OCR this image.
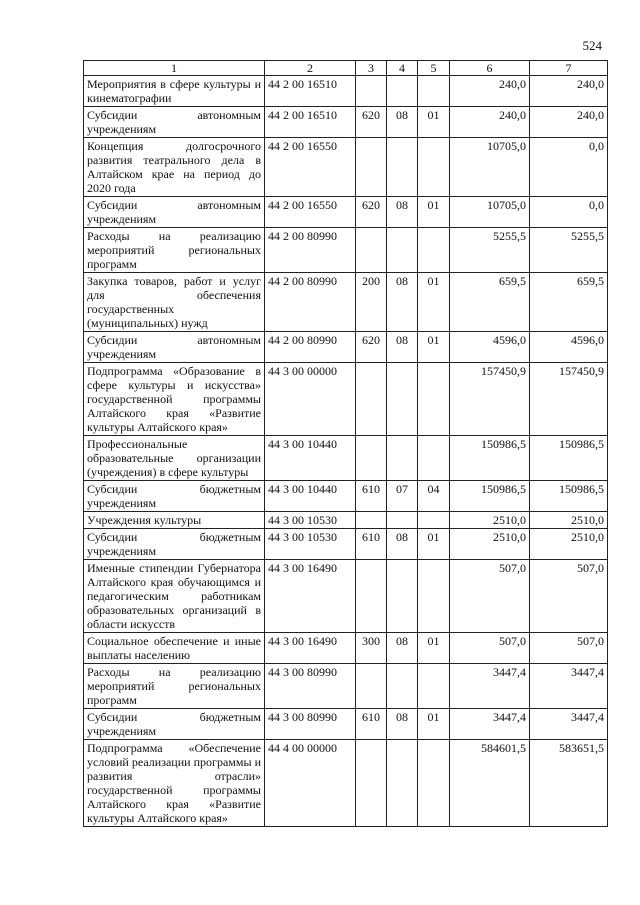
524
1	2	3	4	5	6	7
Мероприятия в сфере культуры и кинематографии	44 2 00 16510				240,0	240,0
Субсидии автономным учреждениям	44 2 00 16510	620	08	01	240,0	240,0
Концепция долгосрочного развития театрального дела в Алтайском крае на период до 2020 года	44 2 00 16550				10705,0	0,0
Субсидии автономным учреждениям	44 2 00 16550	620	08	01	10705,0	0,0
Расходы на реализацию мероприятий региональных программ	44 2 00 80990				5255,5	5255,5
Закупка товаров, работ и услуг для обеспечения государственных (муниципальных) нужд	44 2 00 80990	200	08	01	659,5	659,5
Субсидии автономным учреждениям	44 2 00 80990	620	08	01	4596,0	4596,0
Подпрограмма «Образование в сфере культуры и искусства» государственной программы Алтайского края «Развитие культуры Алтайского края»	44 3 00 00000				157450,9	157450,9
Профессиональные образовательные организации (учреждения) в сфере культуры	44 3 00 10440				150986,5	150986,5
Субсидии бюджетным учреждениям	44 3 00 10440	610	07	04	150986,5	150986,5
Учреждения культуры	44 3 00 10530				2510,0	2510,0
Субсидии бюджетным учреждениям	44 3 00 10530	610	08	01	2510,0	2510,0
Именные стипендии Губернатора Алтайского края обучающимся и педагогическим работникам образовательных организаций в области искусств	44 3 00 16490				507,0	507,0
Социальное обеспечение и иные выплаты населению	44 3 00 16490	300	08	01	507,0	507,0
Расходы на реализацию мероприятий региональных программ	44 3 00 80990				3447,4	3447,4
Субсидии бюджетным учреждениям	44 3 00 80990	610	08	01	3447,4	3447,4
Подпрограмма «Обеспечение условий реализации программы и развития отрасли» государственной программы Алтайского края «Развитие культуры Алтайского края»	44 4 00 00000				584601,5	583651,5
